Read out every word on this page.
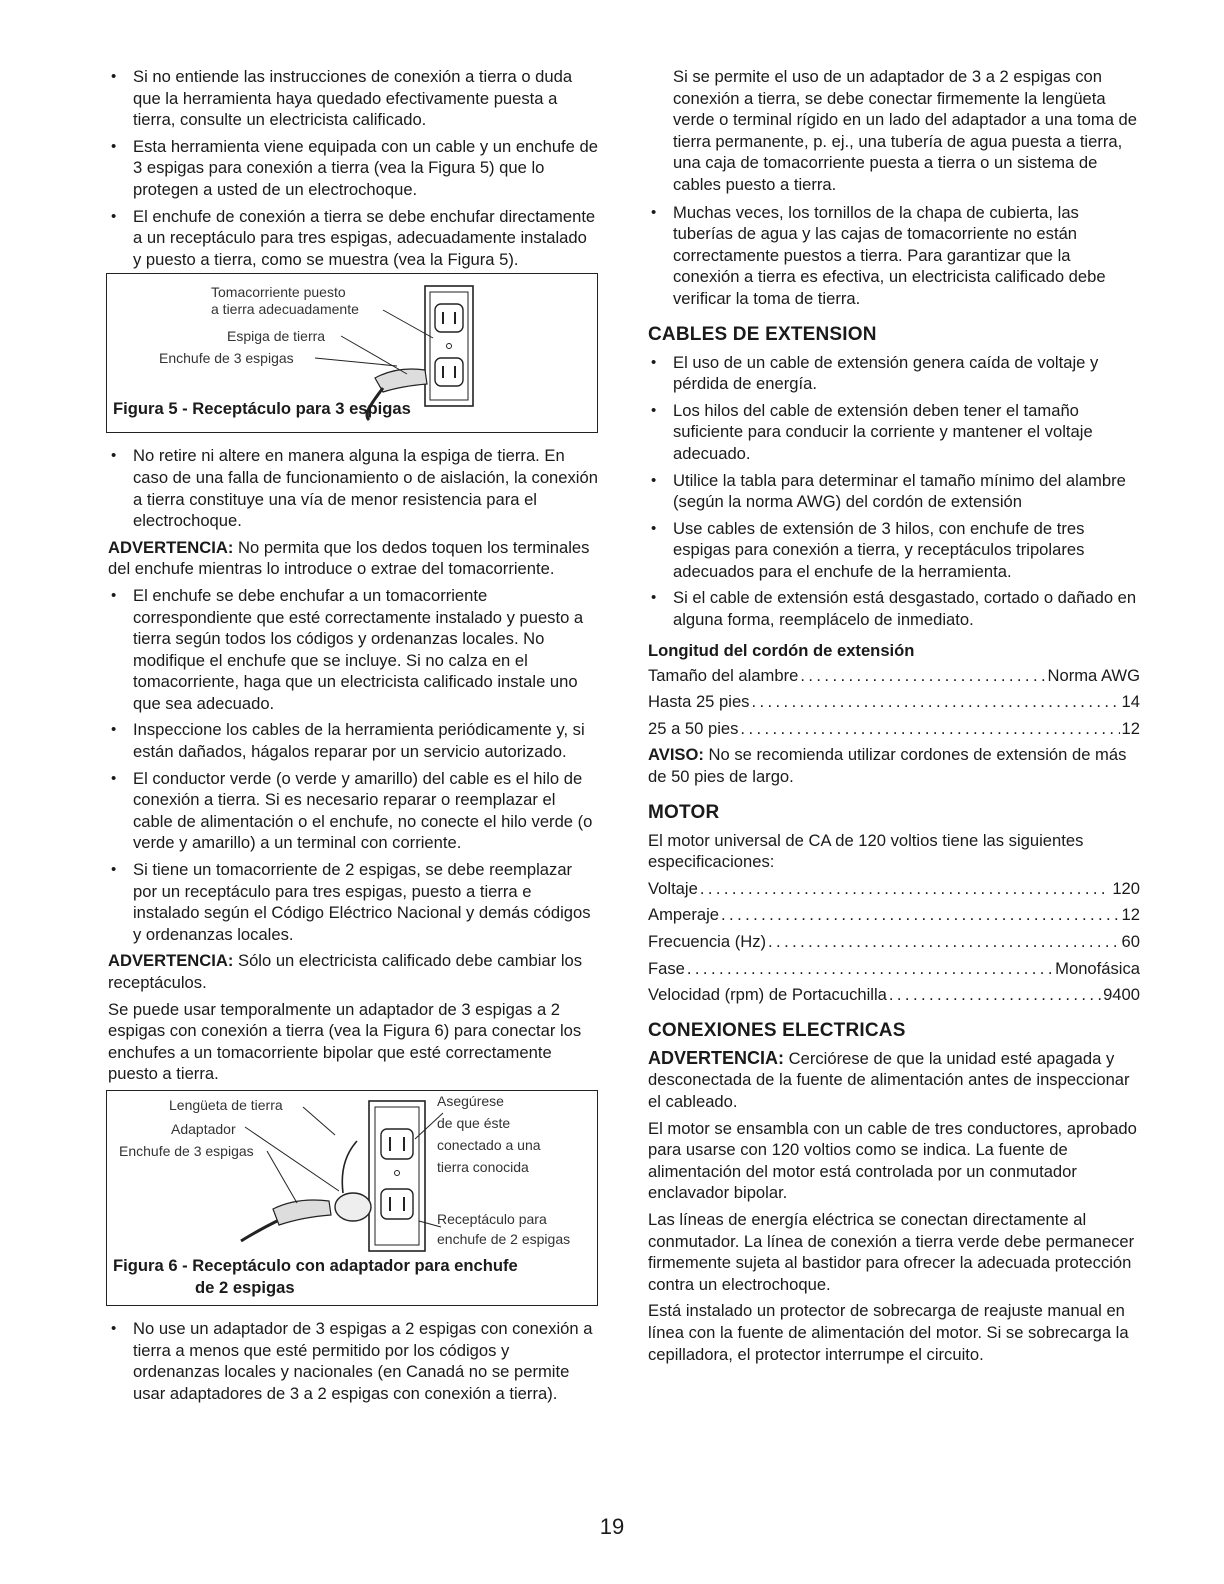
• Si no entiende las instrucciones de conexión a tierra o duda que la herramienta haya quedado efectivamente puesta a tierra, consulte un electricista calificado.
• Esta herramienta viene equipada con un cable y un enchufe de 3 espigas para conexión a tierra (vea la Figura 5) que lo protegen a usted de un electrochoque.
• El enchufe de conexión a tierra se debe enchufar directamente a un receptáculo para tres espigas, adecuadamente instalado y puesto a tierra, como se muestra (vea la Figura 5).
Tomacorriente puesto
a tierra adecuadamente
Espiga de tierra
Enchufe de 3 espigas
Figura 5 - Receptáculo para 3 espigas
• No retire ni altere en manera alguna la espiga de tierra. En caso de una falla de funcionamiento o de aislación, la conexión a tierra constituye una vía de menor resistencia para el electrochoque.

ADVERTENCIA: No permita que los dedos toquen los terminales del enchufe mientras lo introduce o extrae del tomacorriente.

• El enchufe se debe enchufar a un tomacorriente correspondiente que esté correctamente instalado y puesto a tierra según todos los códigos y ordenanzas locales. No modifique el enchufe que se incluye. Si no calza en el tomacorriente, haga que un electricista calificado instale uno que sea adecuado.
• Inspeccione los cables de la herramienta periódicamente y, si están dañados, hágalos reparar por un servicio autorizado.
• El conductor verde (o verde y amarillo) del cable es el hilo de conexión a tierra. Si es necesario reparar o reemplazar el cable de alimentación o el enchufe, no conecte el hilo verde (o verde y amarillo) a un terminal con corriente.
• Si tiene un tomacorriente de 2 espigas, se debe reemplazar por un receptáculo para tres espigas, puesto a tierra e instalado según el Código Eléctrico Nacional y demás códigos y ordenanzas locales.

ADVERTENCIA: Sólo un electricista calificado debe cambiar los receptáculos.

Se puede usar temporalmente un adaptador de 3 espigas a 2 espigas con conexión a tierra (vea la Figura 6) para conectar los enchufes a un tomacorriente bipolar que esté correctamente puesto a tierra.

Lengüeta de tierra
Adaptador
Enchufe de 3 espigas
Asegúrese
de que éste
conectado a una
tierra conocida
Receptáculo para
enchufe de 2 espigas
Figura 6 - Receptáculo con adaptador para enchufe
de 2 espigas
• No use un adaptador de 3 espigas a 2 espigas con conexión a tierra a menos que esté permitido por los códigos y ordenanzas locales y nacionales (en Canadá no se permite usar adaptadores de 3 a 2 espigas con conexión a tierra).

Si se permite el uso de un adaptador de 3 a 2 espigas con conexión a tierra, se debe conectar firmemente la lengüeta verde o terminal rígido en un lado del adaptador a una toma de tierra permanente, p. ej., una tubería de agua puesta a tierra, una caja de tomacorriente puesta a tierra o un sistema de cables puesto a tierra.

• Muchas veces, los tornillos de la chapa de cubierta, las tuberías de agua y las cajas de tomacorriente no están correctamente puestos a tierra. Para garantizar que la conexión a tierra es efectiva, un electricista calificado debe verificar la toma de tierra.
CABLES DE EXTENSION
• El uso de un cable de extensión genera caída de voltaje y pérdida de energía.
• Los hilos del cable de extensión deben tener el tamaño suficiente para conducir la corriente y mantener el voltaje adecuado.
• Utilice la tabla para determinar el tamaño mínimo del alambre (según la norma AWG) del cordón de extensión
• Use cables de extensión de 3 hilos, con enchufe de tres espigas para conexión a tierra, y receptáculos tripolares adecuados para el enchufe de la herramienta.
• Si el cable de extensión está desgastado, cortado o dañado en alguna forma, reemplácelo de inmediato.
Longitud del cordón de extensión
Tamaño del alambre . . .	Norma AWG
Hasta 25 pies . . .	14
25 a 50 pies . . .	12

AVISO: No se recomienda utilizar cordones de extensión de más de 50 pies de largo.

MOTOR

El motor universal de CA de 120 voltios tiene las siguientes especificaciones:

Voltaje . . .	120
Amperaje . . .	12
Frecuencia (Hz) . . .	60
Fase . . .	Monofásica
Velocidad (rpm) de Portacuchilla . . .	9400
CONEXIONES ELECTRICAS

ADVERTENCIA: Cerciórese de que la unidad esté apagada y desconectada de la fuente de alimentación antes de inspeccionar el cableado.

El motor se ensambla con un cable de tres conductores, aprobado para usarse con 120 voltios como se indica. La fuente de alimentación del motor está controlada por un conmutador enclavador bipolar.

Las líneas de energía eléctrica se conectan directamente al conmutador. La línea de conexión a tierra verde debe permanecer firmemente sujeta al bastidor para ofrecer la adecuada protección contra un electrochoque.

Está instalado un protector de sobrecarga de reajuste manual en línea con la fuente de alimentación del motor. Si se sobrecarga la cepilladora, el protector interrumpe el circuito.

19
